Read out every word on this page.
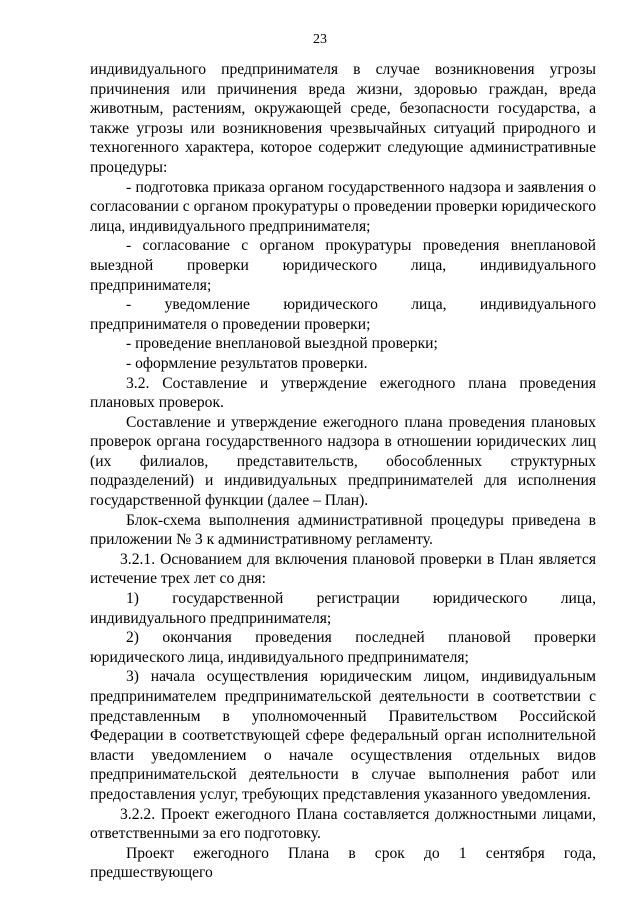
23

индивидуального предпринимателя в случае возникновения угрозы причинения или причинения вреда жизни, здоровью граждан, вреда животным, растениям, окружающей среде, безопасности государства, а также угрозы или возникновения чрезвычайных ситуаций природного и техногенного характера, которое содержит следующие административные процедуры:

- подготовка приказа органом государственного надзора и заявления о согласовании с органом прокуратуры о проведении проверки юридического лица, индивидуального предпринимателя;

- согласование с органом прокуратуры проведения внеплановой выездной проверки юридического лица, индивидуального предпринимателя;

- уведомление юридического лица, индивидуального предпринимателя о проведении проверки;

- проведение внеплановой выездной проверки;

- оформление результатов проверки.

3.2. Составление и утверждение ежегодного плана проведения плановых проверок.

Составление и утверждение ежегодного плана проведения плановых проверок органа государственного надзора в отношении юридических лиц (их филиалов, представительств, обособленных структурных подразделений) и индивидуальных предпринимателей для исполнения государственной функции (далее – План).

Блок-схема выполнения административной процедуры приведена в приложении № 3 к административному регламенту.

3.2.1. Основанием для включения плановой проверки в План является истечение трех лет со дня:

1) государственной регистрации юридического лица, индивидуального предпринимателя;

2) окончания проведения последней плановой проверки юридического лица, индивидуального предпринимателя;

3) начала осуществления юридическим лицом, индивидуальным предпринимателем предпринимательской деятельности в соответствии с представленным в уполномоченный Правительством Российской Федерации в соответствующей сфере федеральный орган исполнительной власти уведомлением о начале осуществления отдельных видов предпринимательской деятельности в случае выполнения работ или предоставления услуг, требующих представления указанного уведомления.

3.2.2. Проект ежегодного Плана составляется должностными лицами, ответственными за его подготовку.

Проект ежегодного Плана в срок до 1 сентября года, предшествующего
